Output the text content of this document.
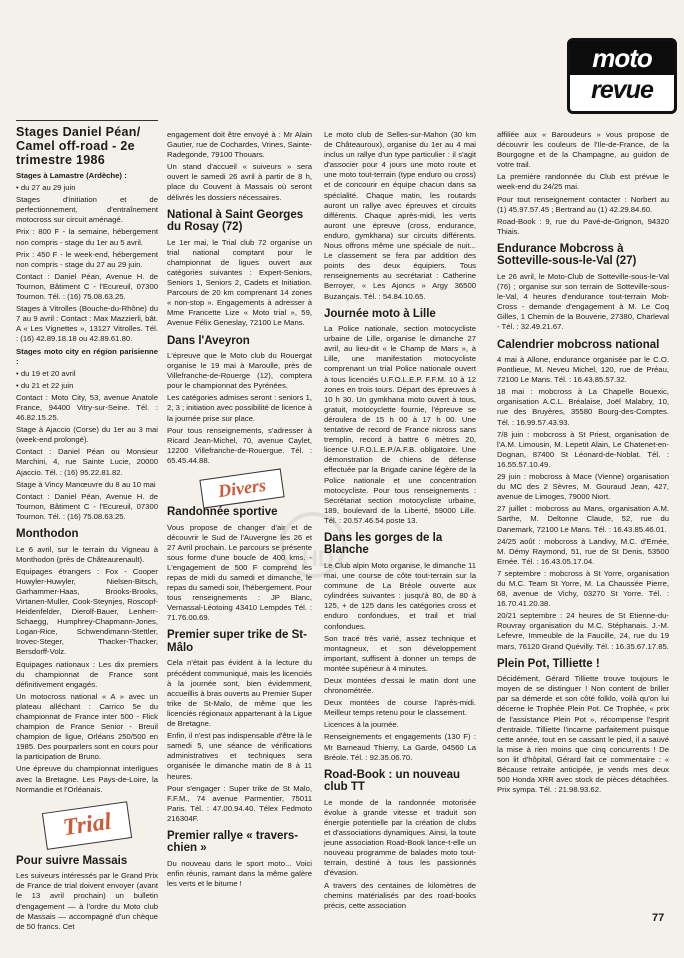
moto
revue
HD
Stages Daniel Péan/ Camel off-road - 2e trimestre 1986

Stages à Lamastre (Ardèche) :

• du 27 au 29 juin

Stages d'initiation et de perfectionnement, d'entraînement motocross sur circuit aménagé.

Prix : 800 F - la semaine, hébergement non compris - stage du 1er au 5 avril.

Prix : 450 F - le week-end, hébergement non compris - stage du 27 au 29 juin.

Contact : Daniel Péan, Avenue H. de Tournon, Bâtiment C - l'Ecureuil, 07300 Tournon. Tél. : (16) 75.08.63.25.

Stages à Vitrolles (Bouche-du-Rhône) du 7 au 9 avril : Contact : Max Mazzierli, bât. A « Les Vignettes », 13127 Vitrolles. Tél. : (16) 42.89.18.18 ou 42.89.61.80.

Stages moto city en région parisienne :

• du 19 et 20 avril

• du 21 et 22 juin

Contact : Moto City, 53, avenue Anatole France, 94400 Vitry-sur-Seine. Tél. : 46.82.15.25.

Stage à Ajaccio (Corse) du 1er au 3 mai (week-end prolongé).

Contact : Daniel Péan ou Monsieur Marchini, 4, rue Sainte Lucie, 20000 Ajaccio. Tél. : (16) 95.22.81.82.

Stage à Vincy Manœuvre du 8 au 10 mai

Contact : Daniel Péan, Avenue H. de Tournon, Bâtiment C - l'Ecureuil, 07300 Tournon. Tél. : (16) 75.08.63.25.

Monthodon

Le 6 avril, sur le terrain du Vigneau à Monthodon (près de Châteaurenault).

Equipages étrangers : Fox - Cooper Huwyler-Huwyler, Nielsen-Bitsch, Garhammer-Haas, Brooks-Brooks, Virtanen-Muller, Cook-Steynjes, Roscopf-Heidenfelder, Dierolf-Bauer, Lenherr-Schaegg, Humphrey-Chapmann-Jones, Logan-Rice, Schwendimann-Stettler, Irovec-Steger, Thacker-Thacker, Bersdorff-Volz.

Equipages nationaux : Les dix premiers du championnat de France sont définitivement engagés.

Un motocross national « A » avec un plateau alléchant : Carrico 5e du championnat de France inter 500 - Flick champion de France Senior - Breuil champion de ligue, Orléans 250/500 en 1985. Des pourparlers sont en cours pour la participation de Bruno.

Une épreuve du championnat interligues avec la Bretagne. Les Pays-de-Loire, la Normandie et l'Orléanais.

Trial
Pour suivre Massais

Les suiveurs intéressés par le Grand Prix de France de trial doivent envoyer (avant le 13 avril prochain) un bulletin d'engagement — à l'ordre du Moto club de Massais — accompagné d'un chèque de 50 francs. Cet

engagement doit être envoyé à : Mr Alain Gautier, rue de Cochardes, Vrines, Sainte-Radegonde, 79100 Thouars.

Un stand d'accueil « suiveurs » sera ouvert le samedi 26 avril à partir de 8 h, place du Couvent à Massais où seront délivrés les dossiers nécessaires.

National à Saint Georges du Rosay (72)

Le 1er mai, le Trial club 72 organise un trial national comptant pour le championnat de ligues ouvert aux catégories suivantes : Expert-Seniors, Seniors 1, Seniors 2, Cadets et Initiation. Parcours de 20 km comprenant 14 zones « non-stop ». Engagements à adresser à Mme Francette Lize « Moto trial », 59, Avenue Félix Geneslay, 72100 Le Mans.

Dans l'Aveyron

L'épreuve que le Moto club du Rouergat organise le 19 mai à Maroulle, près de Villefranche-de-Rouerge (12), comptera pour le championnat des Pyrénées.

Les catégories admises seront : seniors 1, 2, 3 ; initiation avec possibilité de licence à la journée prise sur place.

Pour tous renseignements, s'adresser à Ricard Jean-Michel, 70, avenue Caylet, 12200 Villefranche-de-Rouergue. Tél. : 65.45.44.88.

Divers
Randonnée sportive

Vous propose de changer d'air et de découvrir le Sud de l'Auvergne les 26 et 27 Avril prochain. Le parcours se présente sous forme d'une boucle de 400 kms. - L'engagement de 500 F comprend les repas de midi du samedi et dimanche, le repas du samedi soir, l'hébergement. Pour tous renseignements : JP Blanc, Vernassal-Léotoing 43410 Lempdes Tél. : 71.76.00.69.

Premier super trike de St-Mâlo

Cela n'était pas évident à la lecture du précédent communiqué, mais les licenciés à la journée sont, bien évidemment, accueillis à bras ouverts au Premier Super trike de St-Malo, de même que les licenciés régionaux appartenant à la Ligue de Bretagne.

Enfin, il n'est pas indispensable d'être là le samedi 5, une séance de vérifications administratives et techniques sera organisée le dimanche matin de 8 à 11 heures.

Pour s'engager : Super trike de St Malo, F.F.M., 74 avenue Parmentier, 75011 Paris. Tél. : 47.00.94.40. Télex Fedmoto 216304F.

Premier rallye « travers-chien »

Du nouveau dans le sport moto... Voici enfin réunis, ramant dans la même galère les verts et le bitume !

Le moto club de Selles-sur-Mahon (30 km de Châteauroux), organise du 1er au 4 mai inclus un rallye d'un type particulier : il s'agit d'associer pour 4 jours une moto route et une moto tout-terrain (type enduro ou cross) et de concourir en équipe chacun dans sa spécialité. Chaque matin, les routards auront un rallye avec épreuves et circuits différents. Chaque après-midi, les verts auront une épreuve (cross, endurance, enduro, gymkhana) sur circuits différents. Nous offrons même une spéciale de nuit... Le classement se fera par addition des points des deux équipiers. Tous renseignements au secrétariat : Catherine Berroyer, « Les Ajoncs » Argy 36500 Buzançais. Tél. : 54.84.10.65.

Journée moto à Lille

La Police nationale, section motocycliste urbaine de Lille, organise le dimanche 27 avril, au lieu-dit « le Champ de Mars », à Lille, une manifestation motocycliste comprenant un trial Police nationale ouvert à tous licenciés U.F.O.L.E.P. F.F.M. 10 à 12 zones en trois tours. Départ des épreuves à 10 h 30. Un gymkhana moto ouvert à tous, gratuit, motocyclette fournie, l'épreuve se déroulera de 15 h 00 à 17 h 00. Une tentative de record de France nicross sans tremplin, record à battre 6 mètres 20, licence U.F.O.L.E.P./A.F.B. obligatoire. Une démonstration de chiens de défense effectuée par la Brigade canine légère de la Police nationale et une concentration motocycliste. Pour tous renseignements : Secrétariat section motocycliste urbaine, 189, boulevard de la Liberté, 59000 Lille. Tél. : 20.57.46.54 poste 13.

Dans les gorges de la Blanche

Le Club alpin Moto organise, le dimanche 11 mai, une course de côte tout-terrain sur la commune de La Bréole ouverte aux cylindrées suivantes : jusqu'à 80, de 80 à 125, + de 125 dans les catégories cross et enduro confondues, et trail et trial confondues.

Son tracé très varié, assez technique et montagneux, et son développement important, suffisent à donner un temps de montée supérieur à 4 minutes.

Deux montées d'essai le matin dont une chronométrée.

Deux montées de course l'après-midi. Meilleur temps retenu pour le classement.

Licences à la journée.

Renseignements et engagements (130 F) : Mr Barneaud Thierry, La Garde, 04560 La Bréole. Tél. : 92.35.06.70.

Road-Book : un nouveau club TT

Le monde de la randonnée motorisée évolue à grande vitesse et traduit son énergie potentielle par la création de clubs et d'associations dynamiques. Ainsi, la toute jeune association Road-Book lance-t-elle un nouveau programme de balades moto tout-terrain, destiné à tous les passionnés d'évasion.

A travers des centaines de kilomètres de chemins matérialisés par des road-books précis, cette association

affiliée aux « Baroudeurs » vous propose de découvrir les couleurs de l'Ile-de-France, de la Bourgogne et de la Champagne, au guidon de votre trail.

La première randonnée du Club est prévue le week-end du 24/25 mai.

Pour tout renseignement contacter : Norbert au (1) 45.97.57.45 ; Bertrand au (1) 42.29.84.60.

Road-Book : 9, rue du Pavé-de-Grignon, 94320 Thiais.

Endurance Mobcross à Sotteville-sous-le-Val (27)

Le 26 avril, le Moto-Club de Sotteville-sous-le-Val (76) ; organise sur son terrain de Sotteville-sous-le-Val, 4 heures d'endurance tout-terrain Mob-Cross - demande d'engagement à M. Le Coq Gilles, 1 Chemin de la Bouverie, 27380, Charleval - Tél. : 32.49.21.67.

Calendrier mobcross national

4 mai à Allone, endurance organisée par le C.O. Pontlieue, M. Neveu Michel, 120, rue de Préau, 72100 Le Mans. Tél. : 16.43.85.57.32.

18 mai : mobcross à La Chapelle Bouexic, organisation A.C.L. Bréalaise, Joël Malabry, 10, rue des Bruyères, 35580 Bourg-des-Comptes. Tél. : 16.99.57.43.93.

7/8 juin : mobcross à St Priest, organisation de l'A.M. Limousin, M. Lepetit Alain, Le Chatenet-en-Dognan, 87400 St Léonard-de-Noblat. Tél. : 16.55.57.10.49.

29 juin : mobcross à Mace (Vienne) organisation du MC des 2 Sèvres, M. Gouraud Jean, 427, avenue de Limoges, 79000 Niort.

27 juillet : mobcross au Mans, organisation A.M. Sarthe, M. Deltonne Claude, 52, rue du Danemark, 72100 Le Mans. Tél. : 16.43.85.46.01.

24/25 août : mobcross à Landivy, M.C. d'Ernée, M. Démy Raymond, 51, rue de St Denis, 53500 Ernée. Tél. : 16.43.05.17.04.

7 septembre : mobcross à St Yorre, organisation du M.C. Team St Yorre, M. La Chaussée Pierre, 68, avenue de Vichy, 03270 St Yorre. Tél. : 16.70.41.20.38.

20/21 septembre : 24 heures de St Etienne-du-Rouvray organisation du M.C. Stéphanais. J.-M. Lefevre, Immeuble de la Faucille, 24, rue du 19 mars, 76120 Grand Quévilly. Tél. : 16.35.67.17.85.

Plein Pot, Tilliette !

Décidément, Gérard Tilliette trouve toujours le moyen de se distinguer ! Non content de briller par sa démerde et son côté folklo, voilà qu'on lui décerne le Trophée Plein Pot. Ce Trophée, « prix de l'assistance Plein Pot », récompense l'esprit d'entraide. Tilliette l'incarne parfaitement puisque cette année, tout en se cassant le pied, il a sauvé la mise à rien moins que cinq concurrents ! De son lit d'hôpital, Gérard fait ce commentaire : « Bécause retraite anticipée, je vends mes deux 500 Honda XRR avec stock de pièces détachées. Prix sympa. Tél. : 21.98.93.62.

77
